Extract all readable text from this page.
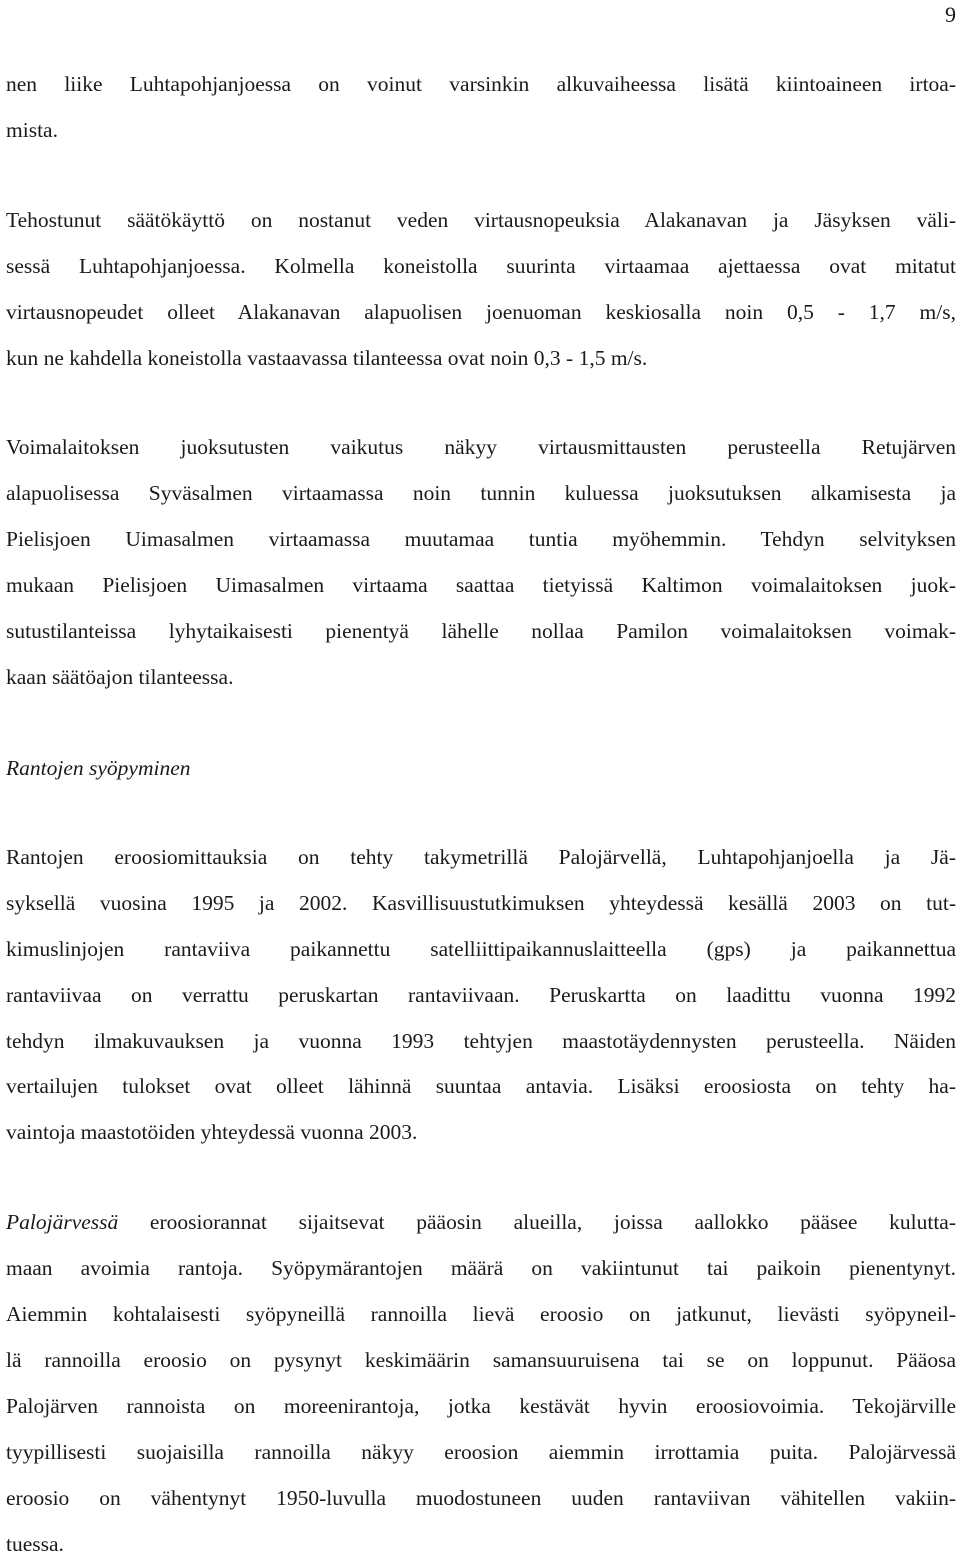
9

nen liike Luhtapohjanjoessa on voinut varsinkin alkuvaiheessa lisätä kiintoaineen irtoa-
mista.

Tehostunut säätökäyttö on nostanut veden virtausnopeuksia Alakanavan ja Jäsyksen väli-
sessä Luhtapohjanjoessa. Kolmella koneistolla suurinta virtaamaa ajettaessa ovat mitatut
virtausnopeudet olleet Alakanavan alapuolisen joenuoman keskiosalla noin 0,5 - 1,7 m/s,
kun ne kahdella koneistolla vastaavassa tilanteessa ovat noin 0,3 - 1,5 m/s.

Voimalaitoksen juoksutusten vaikutus näkyy virtausmittausten perusteella Retujärven
alapuolisessa Syväsalmen virtaamassa noin tunnin kuluessa juoksutuksen alkamisesta ja
Pielisjoen Uimasalmen virtaamassa muutamaa tuntia myöhemmin. Tehdyn selvityksen
mukaan Pielisjoen Uimasalmen virtaama saattaa tietyissä Kaltimon voimalaitoksen juok-
sutustilanteissa lyhytaikaisesti pienentyä lähelle nollaa Pamilon voimalaitoksen voimak-
kaan säätöajon tilanteessa.

Rantojen syöpyminen

Rantojen eroosiomittauksia on tehty takymetrillä Palojärvellä, Luhtapohjanjoella ja Jä-
syksellä vuosina 1995 ja 2002. Kasvillisuustutkimuksen yhteydessä kesällä 2003 on tut-
kimuslinjojen rantaviiva paikannettu satelliittipaikannuslaitteella (gps) ja paikannettua
rantaviivaa on verrattu peruskartan rantaviivaan. Peruskartta on laadittu vuonna 1992
tehdyn ilmakuvauksen ja vuonna 1993 tehtyjen maastotäydennysten perusteella. Näiden
vertailujen tulokset ovat olleet lähinnä suuntaa antavia. Lisäksi eroosiosta on tehty ha-
vaintoja maastotöiden yhteydessä vuonna 2003.

Palojärvessä eroosiorannat sijaitsevat pääosin alueilla, joissa aallokko pääsee kulutta-
maan avoimia rantoja. Syöpymärantojen määrä on vakiintunut tai paikoin pienentynyt.
Aiemmin kohtalaisesti syöpyneillä rannoilla lievä eroosio on jatkunut, lievästi syöpyneil-
lä rannoilla eroosio on pysynyt keskimäärin samansuuruisena tai se on loppunut. Pääosa
Palojärven rannoista on moreenirantoja, jotka kestävät hyvin eroosiovoimia. Tekojärville
tyypillisesti suojaisilla rannoilla näkyy eroosion aiemmin irrottamia puita. Palojärvessä
eroosio on vähentynyt 1950-luvulla muodostuneen uuden rantaviivan vähitellen vakiin-
tuessa.
